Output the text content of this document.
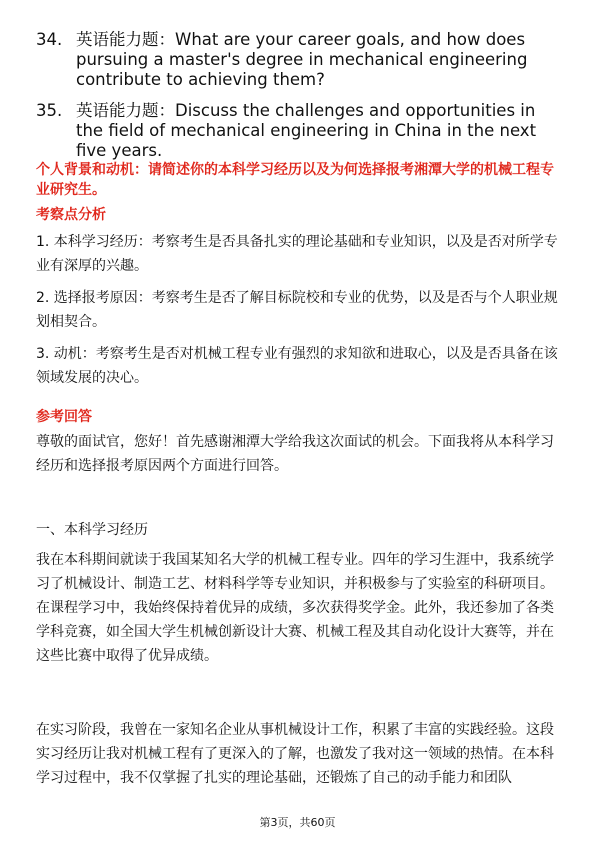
34. 英语能力题：What are your career goals, and how does pursuing a master's degree in mechanical engineering contribute to achieving them?
35. 英语能力题：Discuss the challenges and opportunities in the field of mechanical engineering in China in the next five years.
个人背景和动机：请简述你的本科学习经历以及为何选择报考湘潭大学的机械工程专业研究生。
考察点分析
1. 本科学习经历：考察考生是否具备扎实的理论基础和专业知识，以及是否对所学专业有深厚的兴趣。
2. 选择报考原因：考察考生是否了解目标院校和专业的优势，以及是否与个人职业规划相契合。
3. 动机：考察考生是否对机械工程专业有强烈的求知欲和进取心，以及是否具备在该领域发展的决心。
参考回答
尊敬的面试官，您好！首先感谢湘潭大学给我这次面试的机会。下面我将从本科学习经历和选择报考原因两个方面进行回答。
一、本科学习经历
我在本科期间就读于我国某知名大学的机械工程专业。四年的学习生涯中，我系统学习了机械设计、制造工艺、材料科学等专业知识，并积极参与了实验室的科研项目。在课程学习中，我始终保持着优异的成绩，多次获得奖学金。此外，我还参加了各类学科竞赛，如全国大学生机械创新设计大赛、机械工程及其自动化设计大赛等，并在这些比赛中取得了优异成绩。
在实习阶段，我曾在一家知名企业从事机械设计工作，积累了丰富的实践经验。这段实习经历让我对机械工程有了更深入的了解，也激发了我对这一领域的热情。在本科学习过程中，我不仅掌握了扎实的理论基础，还锻炼了自己的动手能力和团队
第3页，共60页
